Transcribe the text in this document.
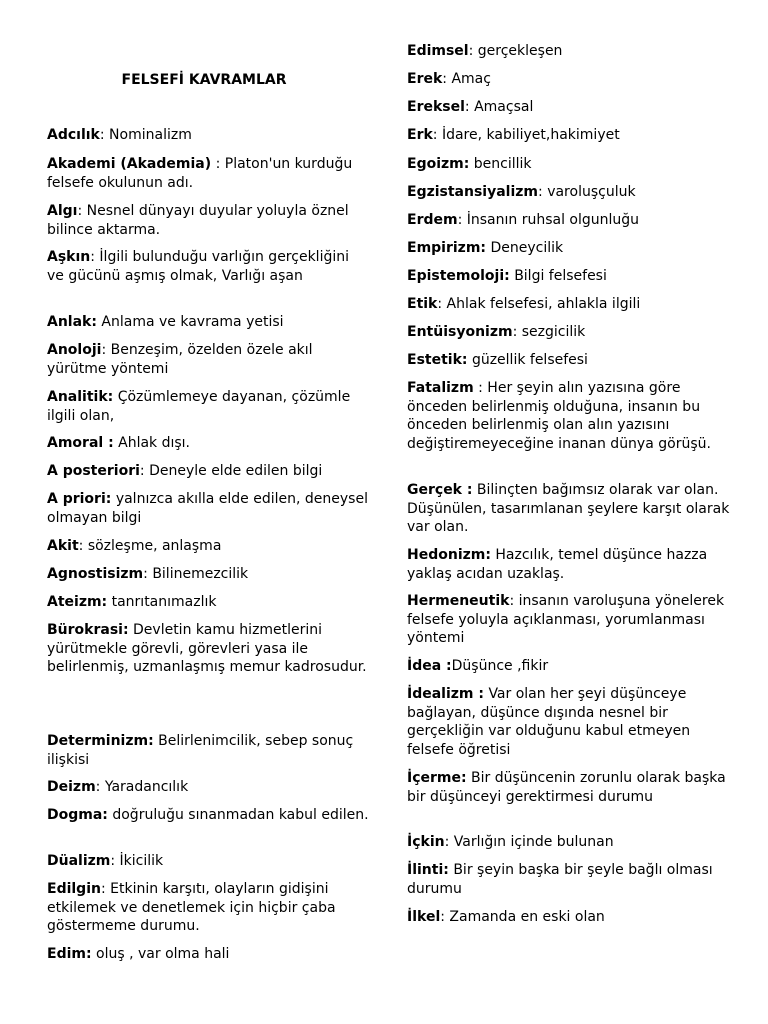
FELSEFİ KAVRAMLAR

Adcılık: Nominalizm

Akademi (Akademia) : Platon'un kurduğu felsefe okulunun adı.

Algı: Nesnel dünyayı duyular yoluyla öznel bilince aktarma.

Aşkın: İlgili bulunduğu varlığın gerçekliğini ve gücünü aşmış olmak, Varlığı aşan

Anlak: Anlama ve kavrama yetisi

Anoloji: Benzeşim, özelden özele akıl yürütme yöntemi

Analitik: Çözümlemeye dayanan, çözümle ilgili olan,

Amoral : Ahlak dışı.

A posteriori: Deneyle elde edilen bilgi

A priori: yalnızca akılla elde edilen, deneysel olmayan bilgi

Akit: sözleşme, anlaşma

Agnostisizm: Bilinemezcilik

Ateizm: tanrıtanımazlık

Bürokrasi: Devletin kamu hizmetlerini yürütmekle görevli, görevleri yasa ile belirlenmiş, uzmanlaşmış memur kadrosudur.

Determinizm: Belirlenimcilik, sebep sonuç ilişkisi

Deizm: Yaradancılık

Dogma: doğruluğu sınanmadan kabul edilen.

Düalizm: İkicilik

Edilgin: Etkinin karşıtı, olayların gidişini etkilemek ve denetlemek için hiçbir çaba göstermeme durumu.

Edim: oluş , var olma hali

Edimsel: gerçekleşen

Erek: Amaç

Ereksel: Amaçsal

Erk: İdare, kabiliyet,hakimiyet

Egoizm: bencillik

Egzistansiyalizm: varoluşçuluk

Erdem: İnsanın ruhsal olgunluğu

Empirizm: Deneycilik

Epistemoloji: Bilgi felsefesi

Etik: Ahlak felsefesi, ahlakla ilgili

Entüisyonizm: sezgicilik

Estetik: güzellik felsefesi

Fatalizm : Her şeyin alın yazısına göre önceden belirlenmiş olduğuna, insanın bu önceden belirlenmiş olan alın yazısını değiştiremeyeceğine inanan dünya görüşü.

Gerçek : Bilinçten bağımsız olarak var olan. Düşünülen, tasarımlanan şeylere karşıt olarak var olan.

Hedonizm: Hazcılık, temel düşünce hazza yaklaş acıdan uzaklaş.

Hermeneutik: insanın varoluşuna yönelerek felsefe yoluyla açıklanması, yorumlanması yöntemi

İdea :Düşünce ,fikir

İdealizm : Var olan her şeyi düşünceye bağlayan, düşünce dışında nesnel bir gerçekliğin var olduğunu kabul etmeyen felsefe öğretisi

İçerme: Bir düşüncenin zorunlu olarak başka bir düşünceyi gerektirmesi durumu

İçkin: Varlığın içinde bulunan

İlinti: Bir şeyin başka bir şeyle bağlı olması durumu

İlkel: Zamanda en eski olan
